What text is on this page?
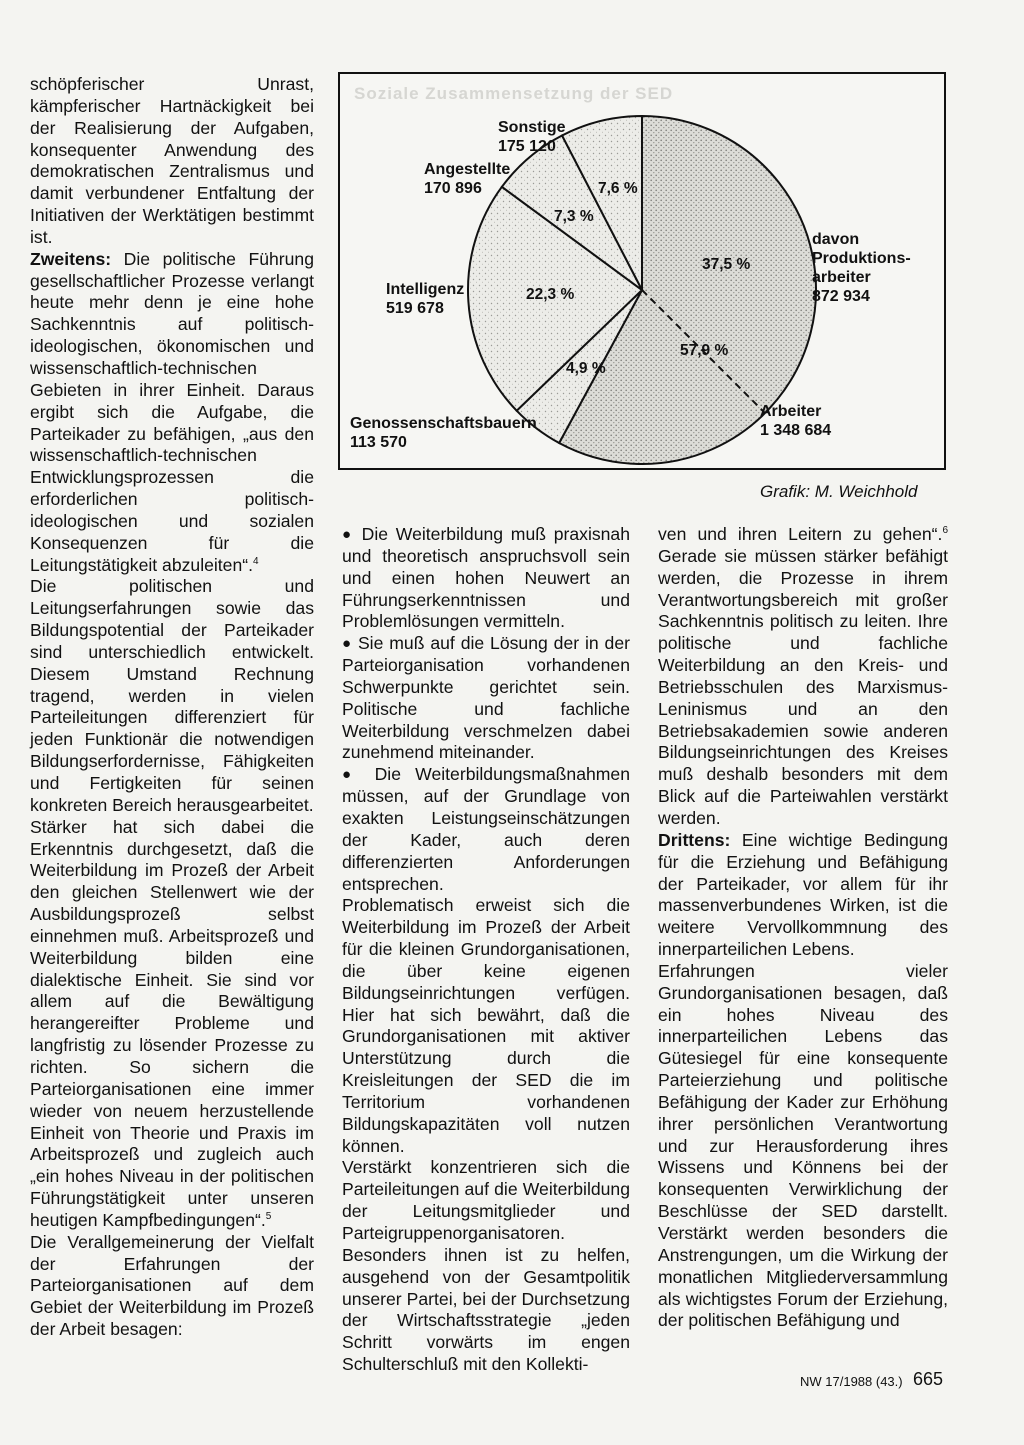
schöpferischer Unrast, kämpferischer Hartnäckigkeit bei der Realisierung der Aufgaben, konsequenter Anwendung des demokratischen Zentralismus und damit verbundener Entfaltung der Initiativen der Werktätigen bestimmt ist.

Zweitens: Die politische Führung gesellschaftlicher Prozesse verlangt heute mehr denn je eine hohe Sachkenntnis auf politisch-ideologischen, ökonomischen und wissenschaftlich-technischen Gebieten in ihrer Einheit. Daraus ergibt sich die Aufgabe, die Parteikader zu befähigen, „aus den wissenschaftlich-technischen Entwicklungsprozessen die erforderlichen politisch-ideologischen und sozialen Konsequenzen für die Leitungstätigkeit abzuleiten“.$^4$

Die politischen und Leitungserfahrungen sowie das Bildungspotential der Parteikader sind unterschiedlich entwickelt. Diesem Umstand Rechnung tragend, werden in vielen Parteileitungen differenziert für jeden Funktionär die notwendigen Bildungserfordernisse, Fähigkeiten und Fertigkeiten für seinen konkreten Bereich herausgearbeitet.

Stärker hat sich dabei die Erkenntnis durchgesetzt, daß die Weiterbildung im Prozeß der Arbeit den gleichen Stellenwert wie der Ausbildungsprozeß selbst einnehmen muß. Arbeitsprozeß und Weiterbildung bilden eine dialektische Einheit. Sie sind vor allem auf die Bewältigung herangereifter Probleme und langfristig zu lösender Prozesse zu richten. So sichern die Parteiorganisationen eine immer wieder von neuem herzustellende Einheit von Theorie und Praxis im Arbeitsprozeß und zugleich auch „ein hohes Niveau in der politischen Führungstätigkeit unter unseren heutigen Kampfbedingungen“.$^5$

Die Verallgemeinerung der Vielfalt der Erfahrungen der Parteiorganisationen auf dem Gebiet der Weiterbildung im Prozeß der Arbeit besagen:

Soziale Zusammensetzung der SED
Sonstige
175 120
Angestellte
170 896
Intelligenz
519 678
Genossenschaftsbauern
113 570
Arbeiter
1 348 684
davon
Produktions-
arbeiter
872 934
7,6 %
7,3 %
22,3 %
4,9 %
37,5 %
57,9 %
Grafik: M. Weichhold

● Die Weiterbildung muß praxisnah und theoretisch anspruchsvoll sein und einen hohen Neuwert an Führungserkenntnissen und Problemlösungen vermitteln.

● Sie muß auf die Lösung der in der Parteiorganisation vorhandenen Schwerpunkte gerichtet sein. Politische und fachliche Weiterbildung verschmelzen dabei zunehmend miteinander.

● Die Weiterbildungsmaßnahmen müssen, auf der Grundlage von exakten Leistungseinschätzungen der Kader, auch deren differenzierten Anforderungen entsprechen.

Problematisch erweist sich die Weiterbildung im Prozeß der Arbeit für die kleinen Grundorganisationen, die über keine eigenen Bildungseinrichtungen verfügen. Hier hat sich bewährt, daß die Grundorganisationen mit aktiver Unterstützung durch die Kreisleitungen der SED die im Territorium vorhandenen Bildungskapazitäten voll nutzen können.

Verstärkt konzentrieren sich die Parteileitungen auf die Weiterbildung der Leitungsmitglieder und Parteigruppenorganisatoren. Besonders ihnen ist zu helfen, ausgehend von der Gesamtpolitik unserer Partei, bei der Durchsetzung der Wirtschaftsstrategie „jeden Schritt vorwärts im engen Schulterschluß mit den Kollekti-

ven und ihren Leitern zu gehen“.$^6$ Gerade sie müssen stärker befähigt werden, die Prozesse in ihrem Verantwortungsbereich mit großer Sachkenntnis politisch zu leiten. Ihre politische und fachliche Weiterbildung an den Kreis- und Betriebsschulen des Marxismus-Leninismus und an den Betriebsakademien sowie anderen Bildungseinrichtungen des Kreises muß deshalb besonders mit dem Blick auf die Parteiwahlen verstärkt werden.

Drittens: Eine wichtige Bedingung für die Erziehung und Befähigung der Parteikader, vor allem für ihr massenverbundenes Wirken, ist die weitere Vervollkommnung des innerparteilichen Lebens.

Erfahrungen vieler Grundorganisationen besagen, daß ein hohes Niveau des innerparteilichen Lebens das Gütesiegel für eine konsequente Parteierziehung und politische Befähigung der Kader zur Erhöhung ihrer persönlichen Verantwortung und zur Herausforderung ihres Wissens und Könnens bei der konsequenten Verwirklichung der Beschlüsse der SED darstellt. Verstärkt werden besonders die Anstrengungen, um die Wirkung der monatlichen Mitgliederversammlung als wichtigstes Forum der Erziehung, der politischen Befähigung und

NW 17/1988 (43.) 665
